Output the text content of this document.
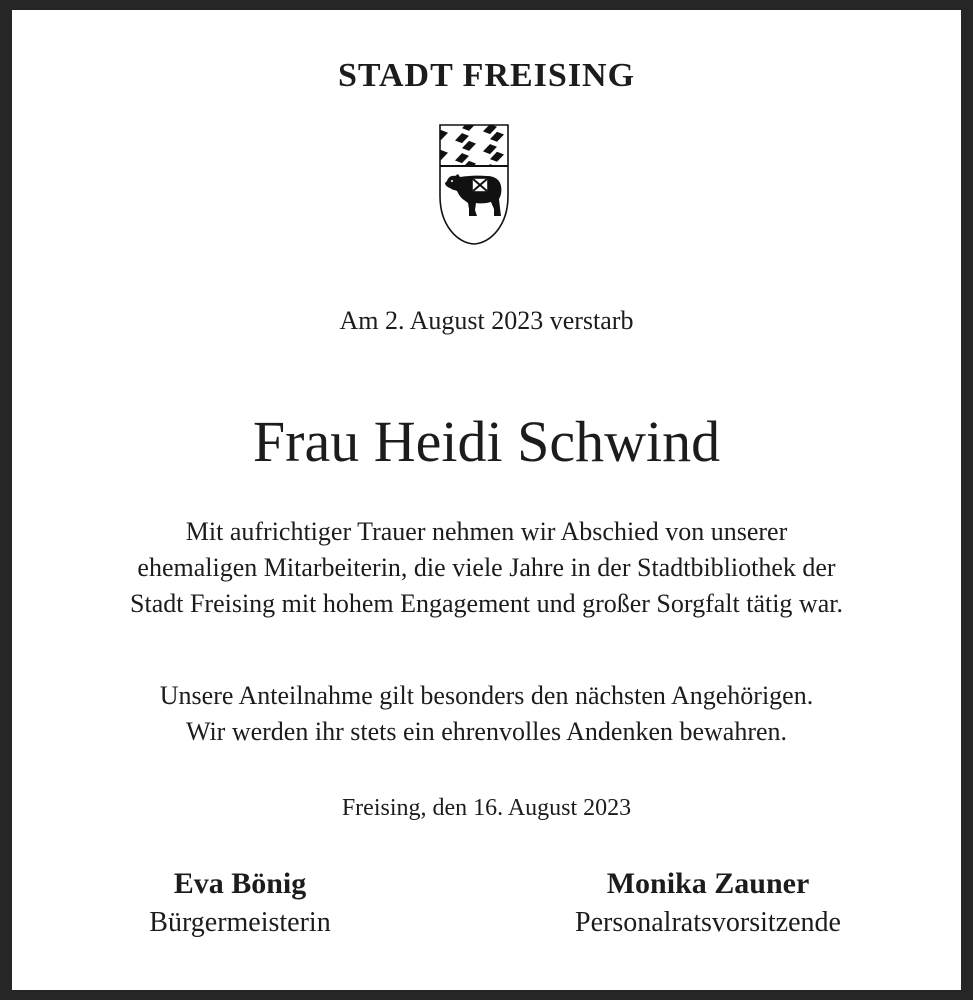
STADT FREISING
Am 2. August 2023 verstarb
Frau Heidi Schwind
Mit aufrichtiger Trauer nehmen wir Abschied von unserer
ehemaligen Mitarbeiterin, die viele Jahre in der Stadtbibliothek der
Stadt Freising mit hohem Engagement und großer Sorgfalt tätig war.
Unsere Anteilnahme gilt besonders den nächsten Angehörigen.
Wir werden ihr stets ein ehrenvolles Andenken bewahren.
Freising, den 16. August 2023
Eva Bönig
Bürgermeisterin
Monika Zauner
Personalratsvorsitzende
